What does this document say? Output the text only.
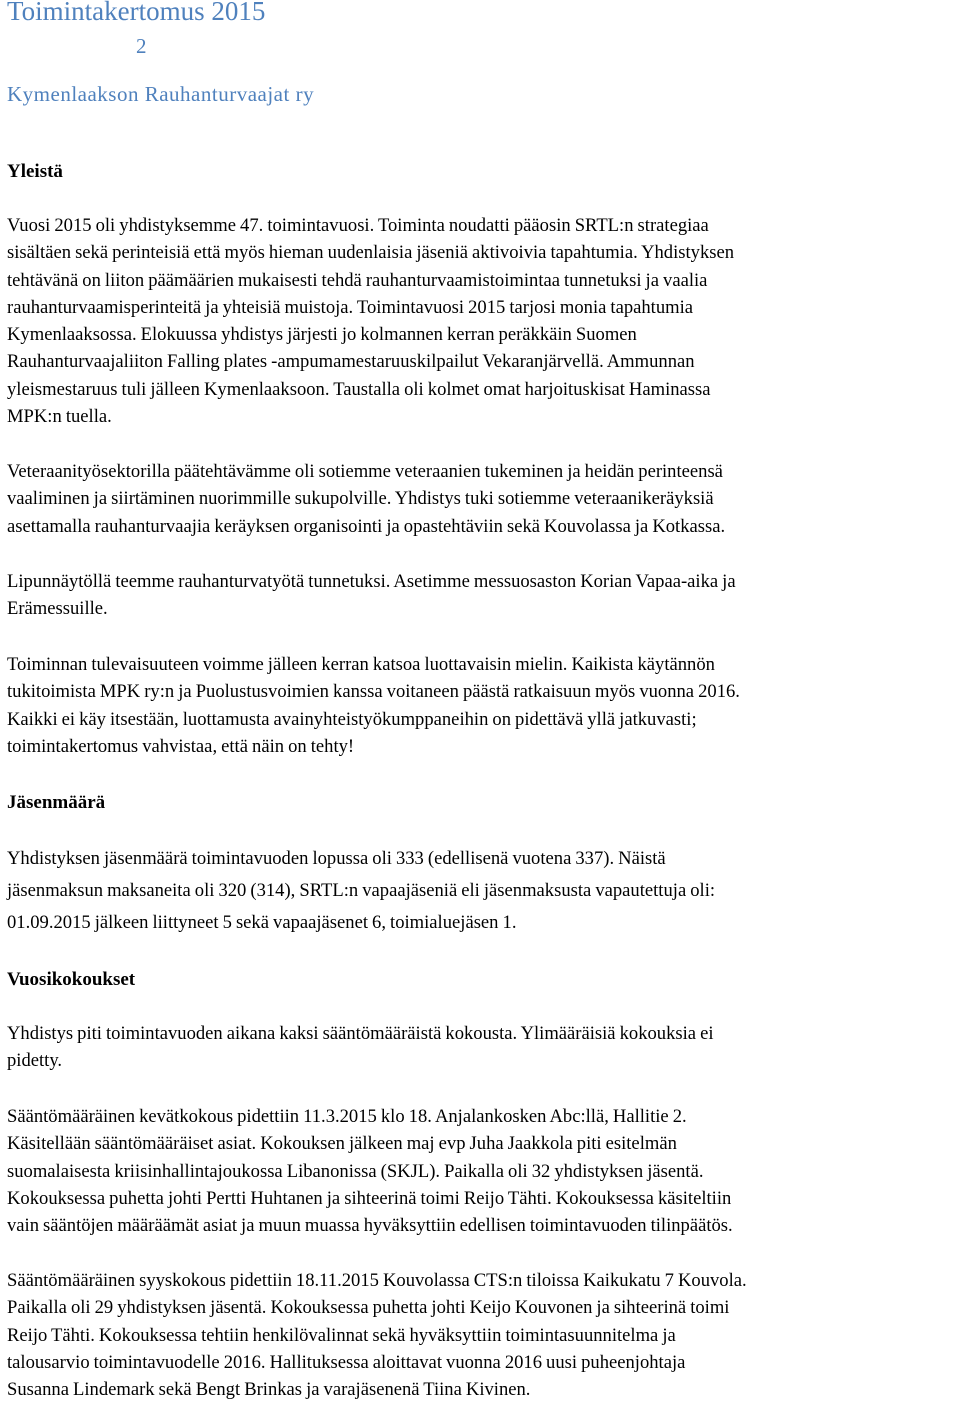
Toimintakertomus 2015
2
Kymenlaakson Rauhanturvaajat ry
Yleistä

Vuosi 2015 oli yhdistyksemme 47. toimintavuosi. Toiminta noudatti pääosin SRTL:n strategiaa
sisältäen sekä perinteisiä että myös hieman uudenlaisia jäseniä aktivoivia tapahtumia. Yhdistyksen
tehtävänä on liiton päämäärien mukaisesti tehdä rauhanturvaamistoimintaa tunnetuksi ja vaalia
rauhanturvaamisperinteitä ja yhteisiä muistoja. Toimintavuosi 2015 tarjosi monia tapahtumia
Kymenlaaksossa. Elokuussa yhdistys järjesti jo kolmannen kerran peräkkäin Suomen
Rauhanturvaajaliiton Falling plates -ampumamestaruuskilpailut Vekaranjärvellä. Ammunnan
yleismestaruus tuli jälleen Kymenlaaksoon. Taustalla oli kolmet omat harjoituskisat Haminassa
MPK:n tuella.

Veteraanityösektorilla päätehtävämme oli sotiemme veteraanien tukeminen ja heidän perinteensä
vaaliminen ja siirtäminen nuorimmille sukupolville. Yhdistys tuki sotiemme veteraanikeräyksiä
asettamalla rauhanturvaajia keräyksen organisointi ja opastehtäviin sekä Kouvolassa ja Kotkassa.

Lipunnäytöllä teemme rauhanturvatyötä tunnetuksi. Asetimme messuosaston Korian Vapaa-aika ja
Erämessuille.

Toiminnan tulevaisuuteen voimme jälleen kerran katsoa luottavaisin mielin. Kaikista käytännön
tukitoimista MPK ry:n ja Puolustusvoimien kanssa voitaneen päästä ratkaisuun myös vuonna 2016.
Kaikki ei käy itsestään, luottamusta avainyhteistyökumppaneihin on pidettävä yllä jatkuvasti;
toimintakertomus vahvistaa, että näin on tehty!

Jäsenmäärä

Yhdistyksen jäsenmäärä toimintavuoden lopussa oli 333 (edellisenä vuotena 337). Näistä
jäsenmaksun maksaneita oli 320 (314), SRTL:n vapaajäseniä eli jäsenmaksusta vapautettuja oli:
01.09.2015 jälkeen liittyneet 5 sekä vapaajäsenet 6, toimialuejäsen 1.

Vuosikokoukset

Yhdistys piti toimintavuoden aikana kaksi sääntömääräistä kokousta. Ylimääräisiä kokouksia ei
pidetty.

Sääntömääräinen kevätkokous pidettiin 11.3.2015 klo 18. Anjalankosken Abc:llä, Hallitie 2.
Käsitellään sääntömääräiset asiat. Kokouksen jälkeen maj evp Juha Jaakkola piti esitelmän
suomalaisesta kriisinhallintajoukossa Libanonissa (SKJL). Paikalla oli 32 yhdistyksen jäsentä.
Kokouksessa puhetta johti Pertti Huhtanen ja sihteerinä toimi Reijo Tähti. Kokouksessa käsiteltiin
vain sääntöjen määräämät asiat ja muun muassa hyväksyttiin edellisen toimintavuoden tilinpäätös.

Sääntömääräinen syyskokous pidettiin 18.11.2015 Kouvolassa CTS:n tiloissa Kaikukatu 7 Kouvola.
Paikalla oli 29 yhdistyksen jäsentä. Kokouksessa puhetta johti Keijo Kouvonen ja sihteerinä toimi
Reijo Tähti. Kokouksessa tehtiin henkilövalinnat sekä hyväksyttiin toimintasuunnitelma ja
talousarvio toimintavuodelle 2016. Hallituksessa aloittavat vuonna 2016 uusi puheenjohtaja
Susanna Lindemark sekä Bengt Brinkas ja varajäsenenä Tiina Kivinen.
